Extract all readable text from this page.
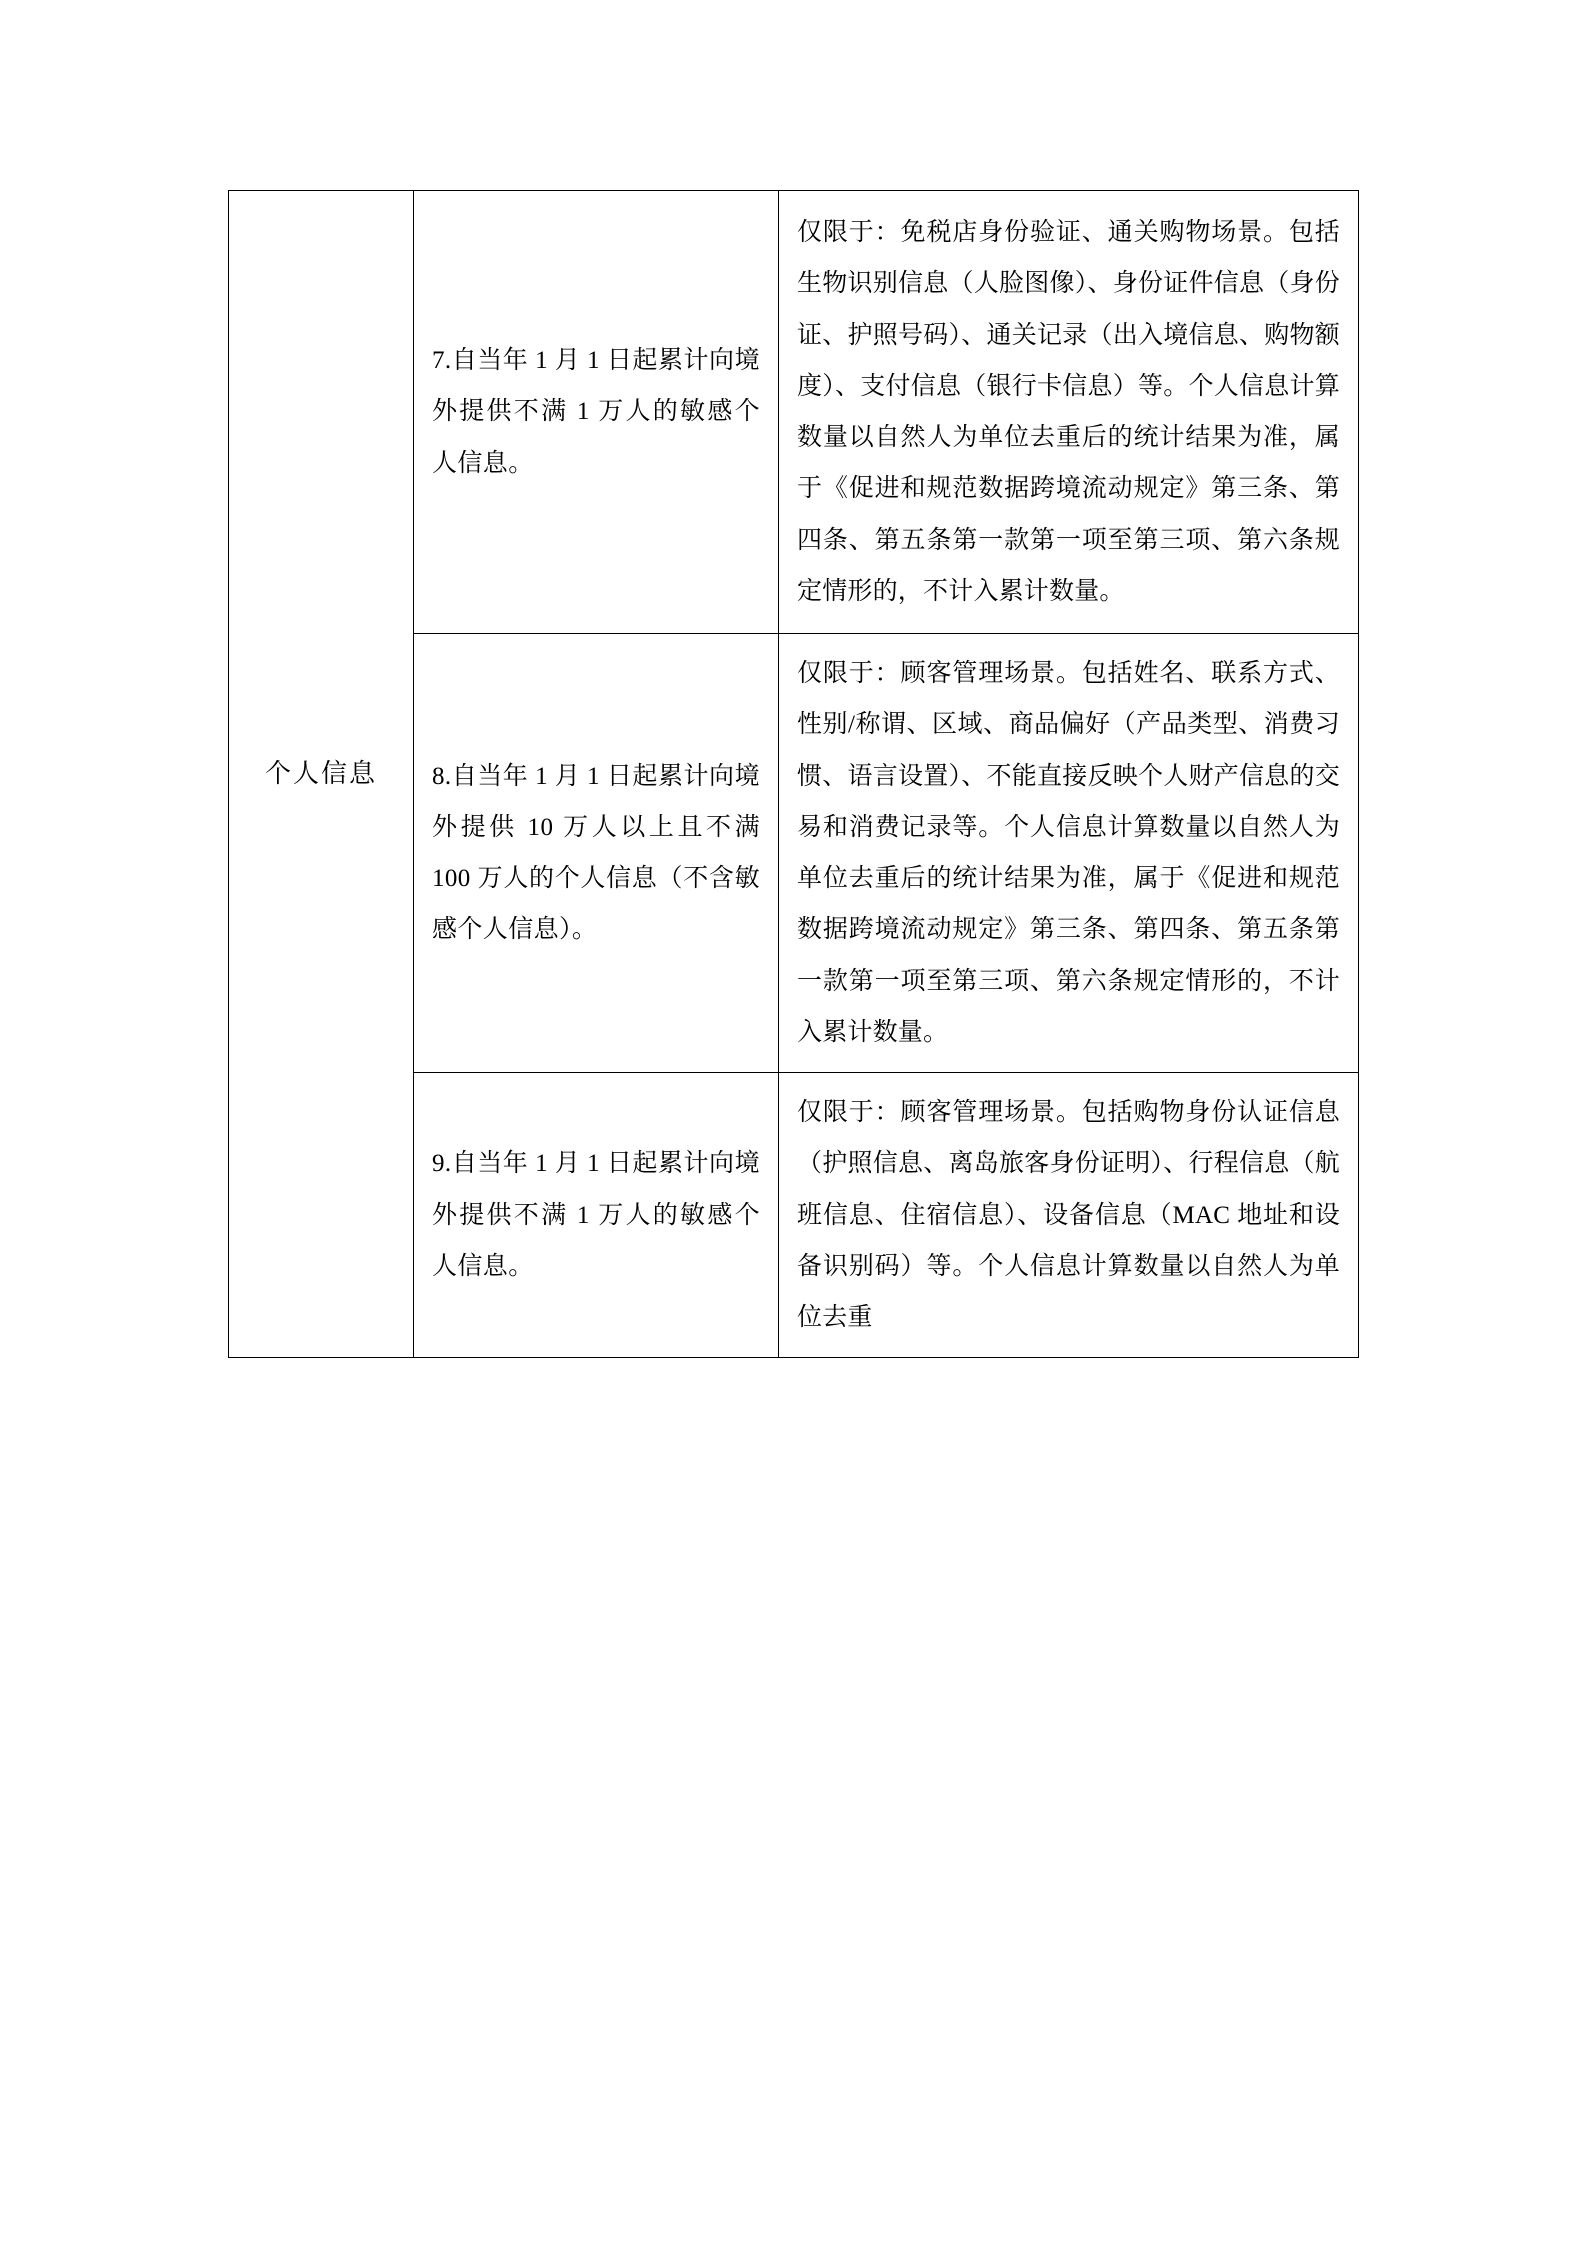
个人信息	7.自当年 1 月 1 日起累计向境外提供不满 1 万人的敏感个人信息。	仅限于：免税店身份验证、通关购物场景。包括生物识别信息（人脸图像）、身份证件信息（身份证、护照号码）、通关记录（出入境信息、购物额度）、支付信息（银行卡信息）等。个人信息计算数量以自然人为单位去重后的统计结果为准，属于《促进和规范数据跨境流动规定》第三条、第四条、第五条第一款第一项至第三项、第六条规定情形的，不计入累计数量。

	8.自当年 1 月 1 日起累计向境外提供 10 万人以上且不满 100 万人的个人信息（不含敏感个人信息）。	仅限于：顾客管理场景。包括姓名、联系方式、性别/称谓、区域、商品偏好（产品类型、消费习惯、语言设置）、不能直接反映个人财产信息的交易和消费记录等。个人信息计算数量以自然人为单位去重后的统计结果为准，属于《促进和规范数据跨境流动规定》第三条、第四条、第五条第一款第一项至第三项、第六条规定情形的，不计入累计数量。

	9.自当年 1 月 1 日起累计向境外提供不满 1 万人的敏感个人信息。	仅限于：顾客管理场景。包括购物身份认证信息（护照信息、离岛旅客身份证明）、行程信息（航班信息、住宿信息）、设备信息（MAC 地址和设备识别码）等。个人信息计算数量以自然人为单位去重
